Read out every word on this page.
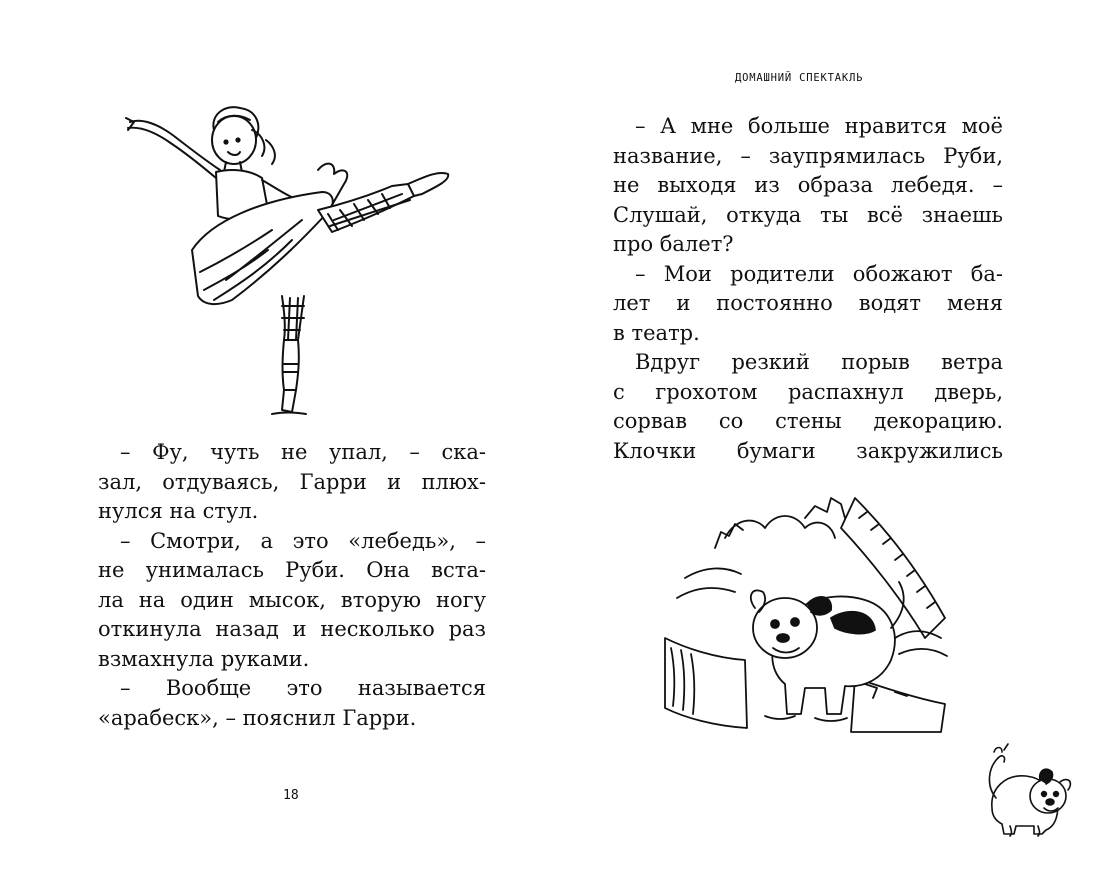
– Фу, чуть не упал, – ска-
зал, отдуваясь, Гарри и плюх-
нулся на стул.

– Смотри, а это «лебедь», –
не унималась Руби. Она вста-
ла на один мысок, вторую ногу
откинула назад и несколько раз
взмахнула руками.

– Вообще это называется
«арабеск», – пояснил Гарри.

18
ДОМАШНИЙ СПЕКТАКЛЬ

– А мне больше нравится моё
название, – заупрямилась Руби,
не выходя из образа лебедя. –
Слушай, откуда ты всё знаешь
про балет?

– Мои родители обожают ба-
лет и постоянно водят меня
в театр.

Вдруг резкий порыв ветра
с грохотом распахнул дверь,
сорвав со стены декорацию.
Клочки бумаги закружились
